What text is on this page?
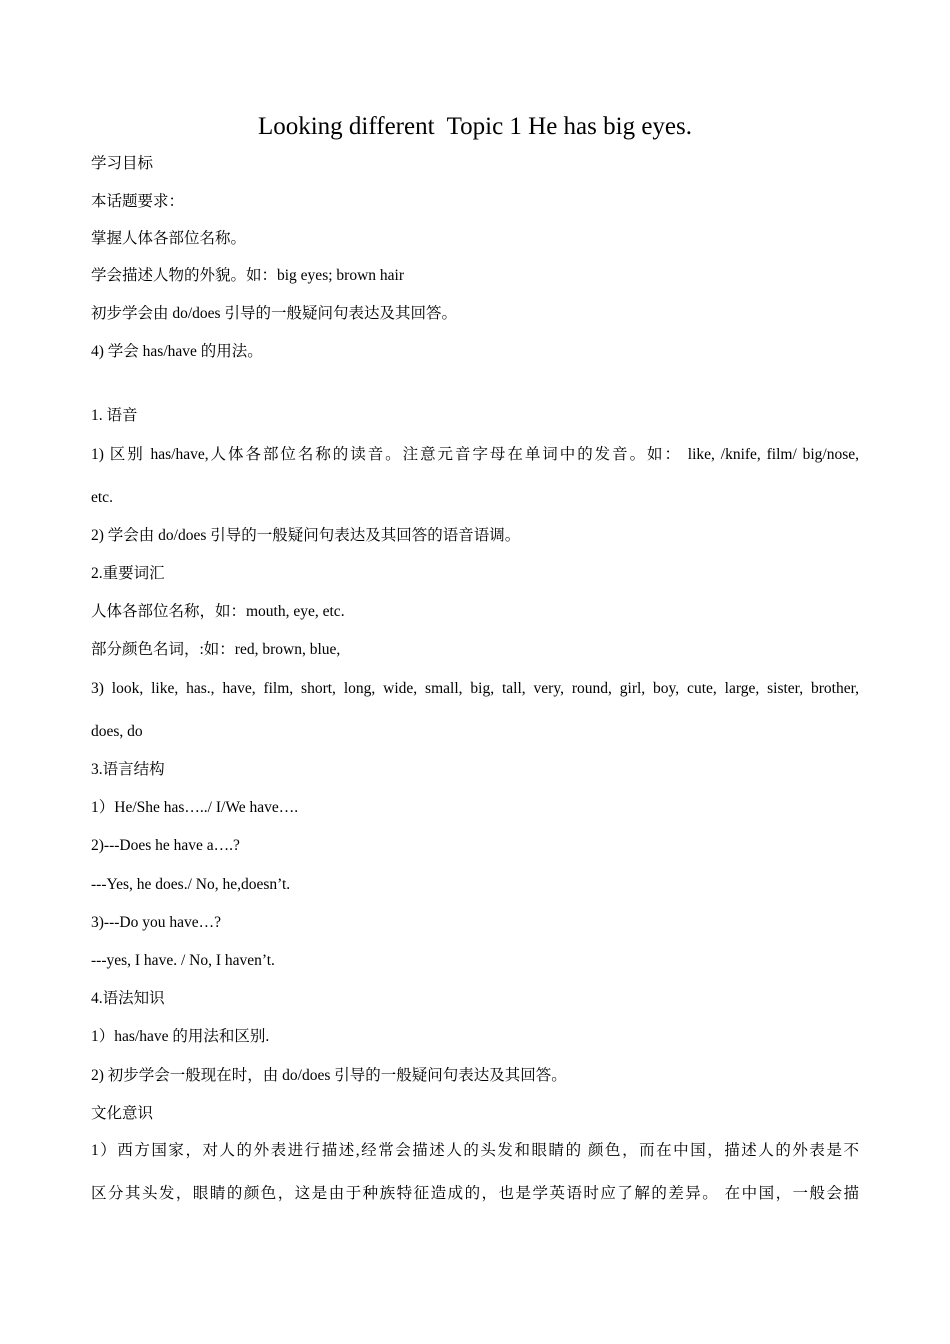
Looking different  Topic 1 He has big eyes.
学习目标
本话题要求：
掌握人体各部位名称。
学会描述人物的外貌。如：big eyes; brown hair
初步学会由 do/does 引导的一般疑问句表达及其回答。
4) 学会 has/have 的用法。
1. 语音
1) 区别 has/have,人体各部位名称的读音。注意元音字母在单词中的发音。如： like, /knife, film/ big/nose,
etc.
2) 学会由 do/does 引导的一般疑问句表达及其回答的语音语调。
2.重要词汇
人体各部位名称，如：mouth, eye, etc.
部分颜色名词，:如：red, brown, blue,
3) look, like, has., have, film, short, long, wide, small, big, tall, very, round, girl, boy, cute, large, sister, brother,
does, do
3.语言结构
1）He/She has…../ I/We have….
2)---Does he have a….?
---Yes, he does./ No, he,doesn’t.
3)---Do you have…?
---yes, I have. / No, I haven’t.
4.语法知识
1）has/have 的用法和区别.
2) 初步学会一般现在时，由 do/does 引导的一般疑问句表达及其回答。
文化意识
1）西方国家，对人的外表进行描述,经常会描述人的头发和眼睛的 颜色，而在中国，描述人的外表是不
区分其头发，眼睛的颜色，这是由于种族特征造成的，也是学英语时应了解的差异。 在中国，一般会描
